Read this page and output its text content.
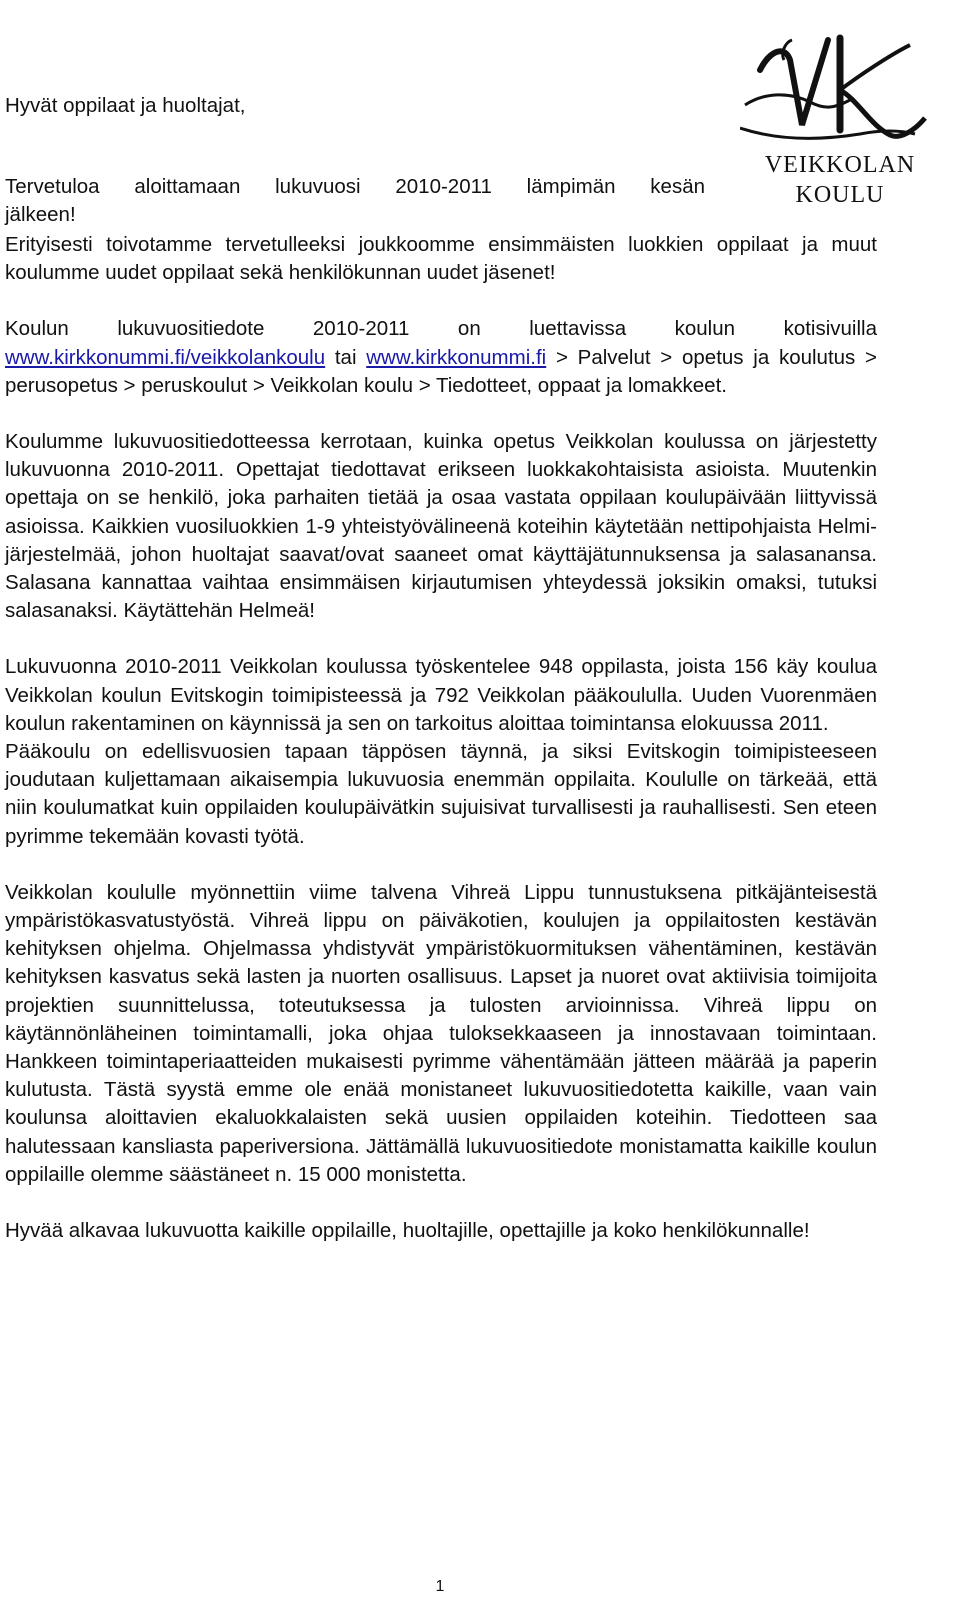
VEIKKOLAN
KOULU

Hyvät oppilaat ja huoltajat,

Tervetuloa aloittamaan lukuvuosi 2010-2011 lämpimän kesän

jälkeen!

Erityisesti toivotamme tervetulleeksi joukkoomme ensimmäisten luokkien oppilaat ja muut koulumme uudet oppilaat sekä henkilökunnan uudet jäsenet!

Koulun lukuvuositiedote 2010-2011 on luettavissa koulun kotisivuilla www.kirkkonummi.fi/veikkolankoulu tai www.kirkkonummi.fi > Palvelut > opetus ja koulutus > perusopetus > peruskoulut > Veikkolan koulu > Tiedotteet, oppaat ja lomakkeet.

Koulumme lukuvuositiedotteessa kerrotaan, kuinka opetus Veikkolan koulussa on järjestetty lukuvuonna 2010-2011. Opettajat tiedottavat erikseen luokkakohtaisista asioista. Muutenkin opettaja on se henkilö, joka parhaiten tietää ja osaa vastata oppilaan koulupäivään liittyvissä asioissa. Kaikkien vuosiluokkien 1-9 yhteistyövälineenä koteihin käytetään nettipohjaista Helmi-järjestelmää, johon huoltajat saavat/ovat saaneet omat käyttäjätunnuksensa ja salasanansa. Salasana kannattaa vaihtaa ensimmäisen kirjautumisen yhteydessä joksikin omaksi, tutuksi salasanaksi. Käytättehän Helmeä!

Lukuvuonna 2010-2011 Veikkolan koulussa työskentelee 948 oppilasta, joista 156 käy koulua Veikkolan koulun Evitskogin toimipisteessä ja 792 Veikkolan pääkoululla. Uuden Vuorenmäen koulun rakentaminen on käynnissä ja sen on tarkoitus aloittaa toimintansa elokuussa 2011.

Pääkoulu on edellisvuosien tapaan täppösen täynnä, ja siksi Evitskogin toimipisteeseen joudutaan kuljettamaan aikaisempia lukuvuosia enemmän oppilaita. Koululle on tärkeää, että niin koulumatkat kuin oppilaiden koulupäivätkin sujuisivat turvallisesti ja rauhallisesti. Sen eteen pyrimme tekemään kovasti työtä.

Veikkolan koululle myönnettiin viime talvena Vihreä Lippu tunnustuksena pitkäjänteisestä ympäristökasvatustyöstä. Vihreä lippu on päiväkotien, koulujen ja oppilaitosten kestävän kehityksen ohjelma. Ohjelmassa yhdistyvät ympäristökuormituksen vähentäminen, kestävän kehityksen kasvatus sekä lasten ja nuorten osallisuus. Lapset ja nuoret ovat aktiivisia toimijoita projektien suunnittelussa, toteutuksessa ja tulosten arvioinnissa. Vihreä lippu on käytännönläheinen toimintamalli, joka ohjaa tuloksekkaaseen ja innostavaan toimintaan. Hankkeen toimintaperiaatteiden mukaisesti pyrimme vähentämään jätteen määrää ja paperin kulutusta. Tästä syystä emme ole enää monistaneet lukuvuositiedotetta kaikille, vaan vain koulunsa aloittavien ekaluokkalaisten sekä uusien oppilaiden koteihin. Tiedotteen saa halutessaan kansliasta paperiversiona. Jättämällä lukuvuositiedote monistamatta kaikille koulun oppilaille olemme säästäneet n. 15 000 monistetta.

Hyvää alkavaa lukuvuotta kaikille oppilaille, huoltajille, opettajille ja koko henkilökunnalle!

1
